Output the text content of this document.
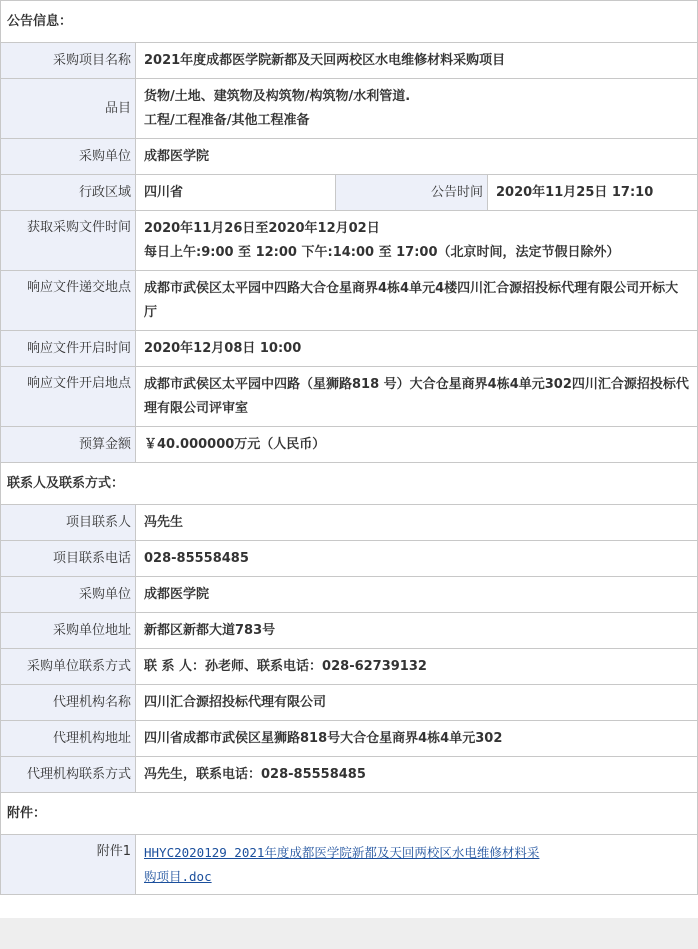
公告信息：			
采购项目名称	2021年度成都医学院新都及天回两校区水电维修材料采购项目		
品目	货物/土地、建筑物及构筑物/构筑物/水利管道.
工程/工程准备/其他工程准备		

采购单位	成都医学院		
行政区域	四川省	公告时间	2020年11月25日 17:10
获取采购文件时间	2020年11月26日至2020年12月02日
每日上午:9:00 至 12:00 下午:14:00 至 17:00（北京时间，法定节假日除外）		

响应文件递交地点	成都市武侯区太平园中四路大合仓星商界4栋4单元4楼四川汇合源招投标代理有限公司开标大厅		
响应文件开启时间	2020年12月08日 10:00		
响应文件开启地点	成都市武侯区太平园中四路（星狮路818 号）大合仓星商界4栋4单元302四川汇合源招投标代理有限公司评审室		
预算金额	￥40.000000万元（人民币）		
联系人及联系方式：			
项目联系人	冯先生		
项目联系电话	028-85558485		
采购单位	成都医学院		
采购单位地址	新都区新都大道783号		
采购单位联系方式	联 系 人：孙老师、联系电话：028-62739132		
代理机构名称	四川汇合源招投标代理有限公司		
代理机构地址	四川省成都市武侯区星狮路818号大合仓星商界4栋4单元302		
代理机构联系方式	冯先生，联系电话：028-85558485		
附件：			
附件1	HHYC2020129 2021年度成都医学院新都及天回两校区水电维修材料采
购项目.doc		
